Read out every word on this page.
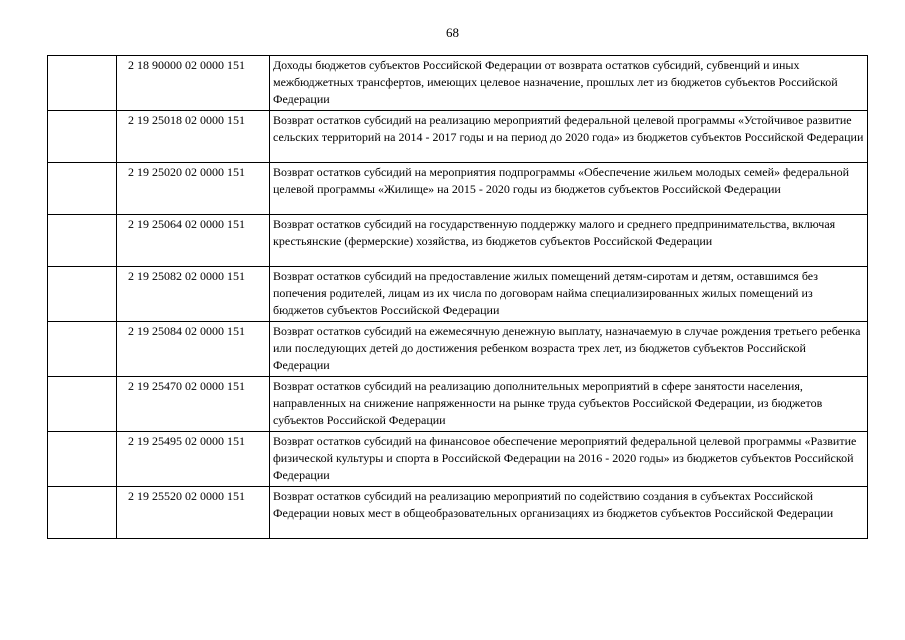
68
	2 18 90000 02 0000 151	Доходы бюджетов субъектов Российской Федерации от возврата остатков субсидий, субвенций и иных межбюджетных трансфертов, имеющих целевое назначение, прошлых лет из бюджетов субъектов Российской Федерации
	2 19 25018 02 0000 151	Возврат остатков субсидий на реализацию мероприятий федеральной целевой программы «Устойчивое развитие сельских территорий на 2014 - 2017 годы и на период до 2020 года» из бюджетов субъектов Российской Федерации
	2 19 25020 02 0000 151	Возврат остатков субсидий на мероприятия подпрограммы «Обеспечение жильем молодых семей» федеральной целевой программы «Жилище» на 2015 - 2020 годы из бюджетов субъектов Российской Федерации
	2 19 25064 02 0000 151	Возврат остатков субсидий на государственную поддержку малого и среднего предпринимательства, включая крестьянские (фермерские) хозяйства, из бюджетов субъектов Российской Федерации
	2 19 25082 02 0000 151	Возврат остатков субсидий на предоставление жилых помещений детям-сиротам и детям, оставшимся без попечения родителей, лицам из их числа по договорам найма специализированных жилых помещений из бюджетов субъектов Российской Федерации
	2 19 25084 02 0000 151	Возврат остатков субсидий на ежемесячную денежную выплату, назначаемую в случае рождения третьего ребенка или последующих детей до достижения ребенком возраста трех лет, из бюджетов субъектов Российской Федерации
	2 19 25470 02 0000 151	Возврат остатков субсидий на реализацию дополнительных мероприятий в сфере занятости населения, направленных на снижение напряженности на рынке труда субъектов Российской Федерации, из бюджетов субъектов Российской Федерации
	2 19 25495 02 0000 151	Возврат остатков субсидий на финансовое обеспечение мероприятий федеральной целевой программы «Развитие физической культуры и спорта в Российской Федерации на 2016 - 2020 годы» из бюджетов субъектов Российской Федерации
	2 19 25520 02 0000 151	Возврат остатков субсидий на реализацию мероприятий по содействию создания в субъектах Российской Федерации новых мест в общеобразовательных организациях из бюджетов субъектов Российской Федерации
